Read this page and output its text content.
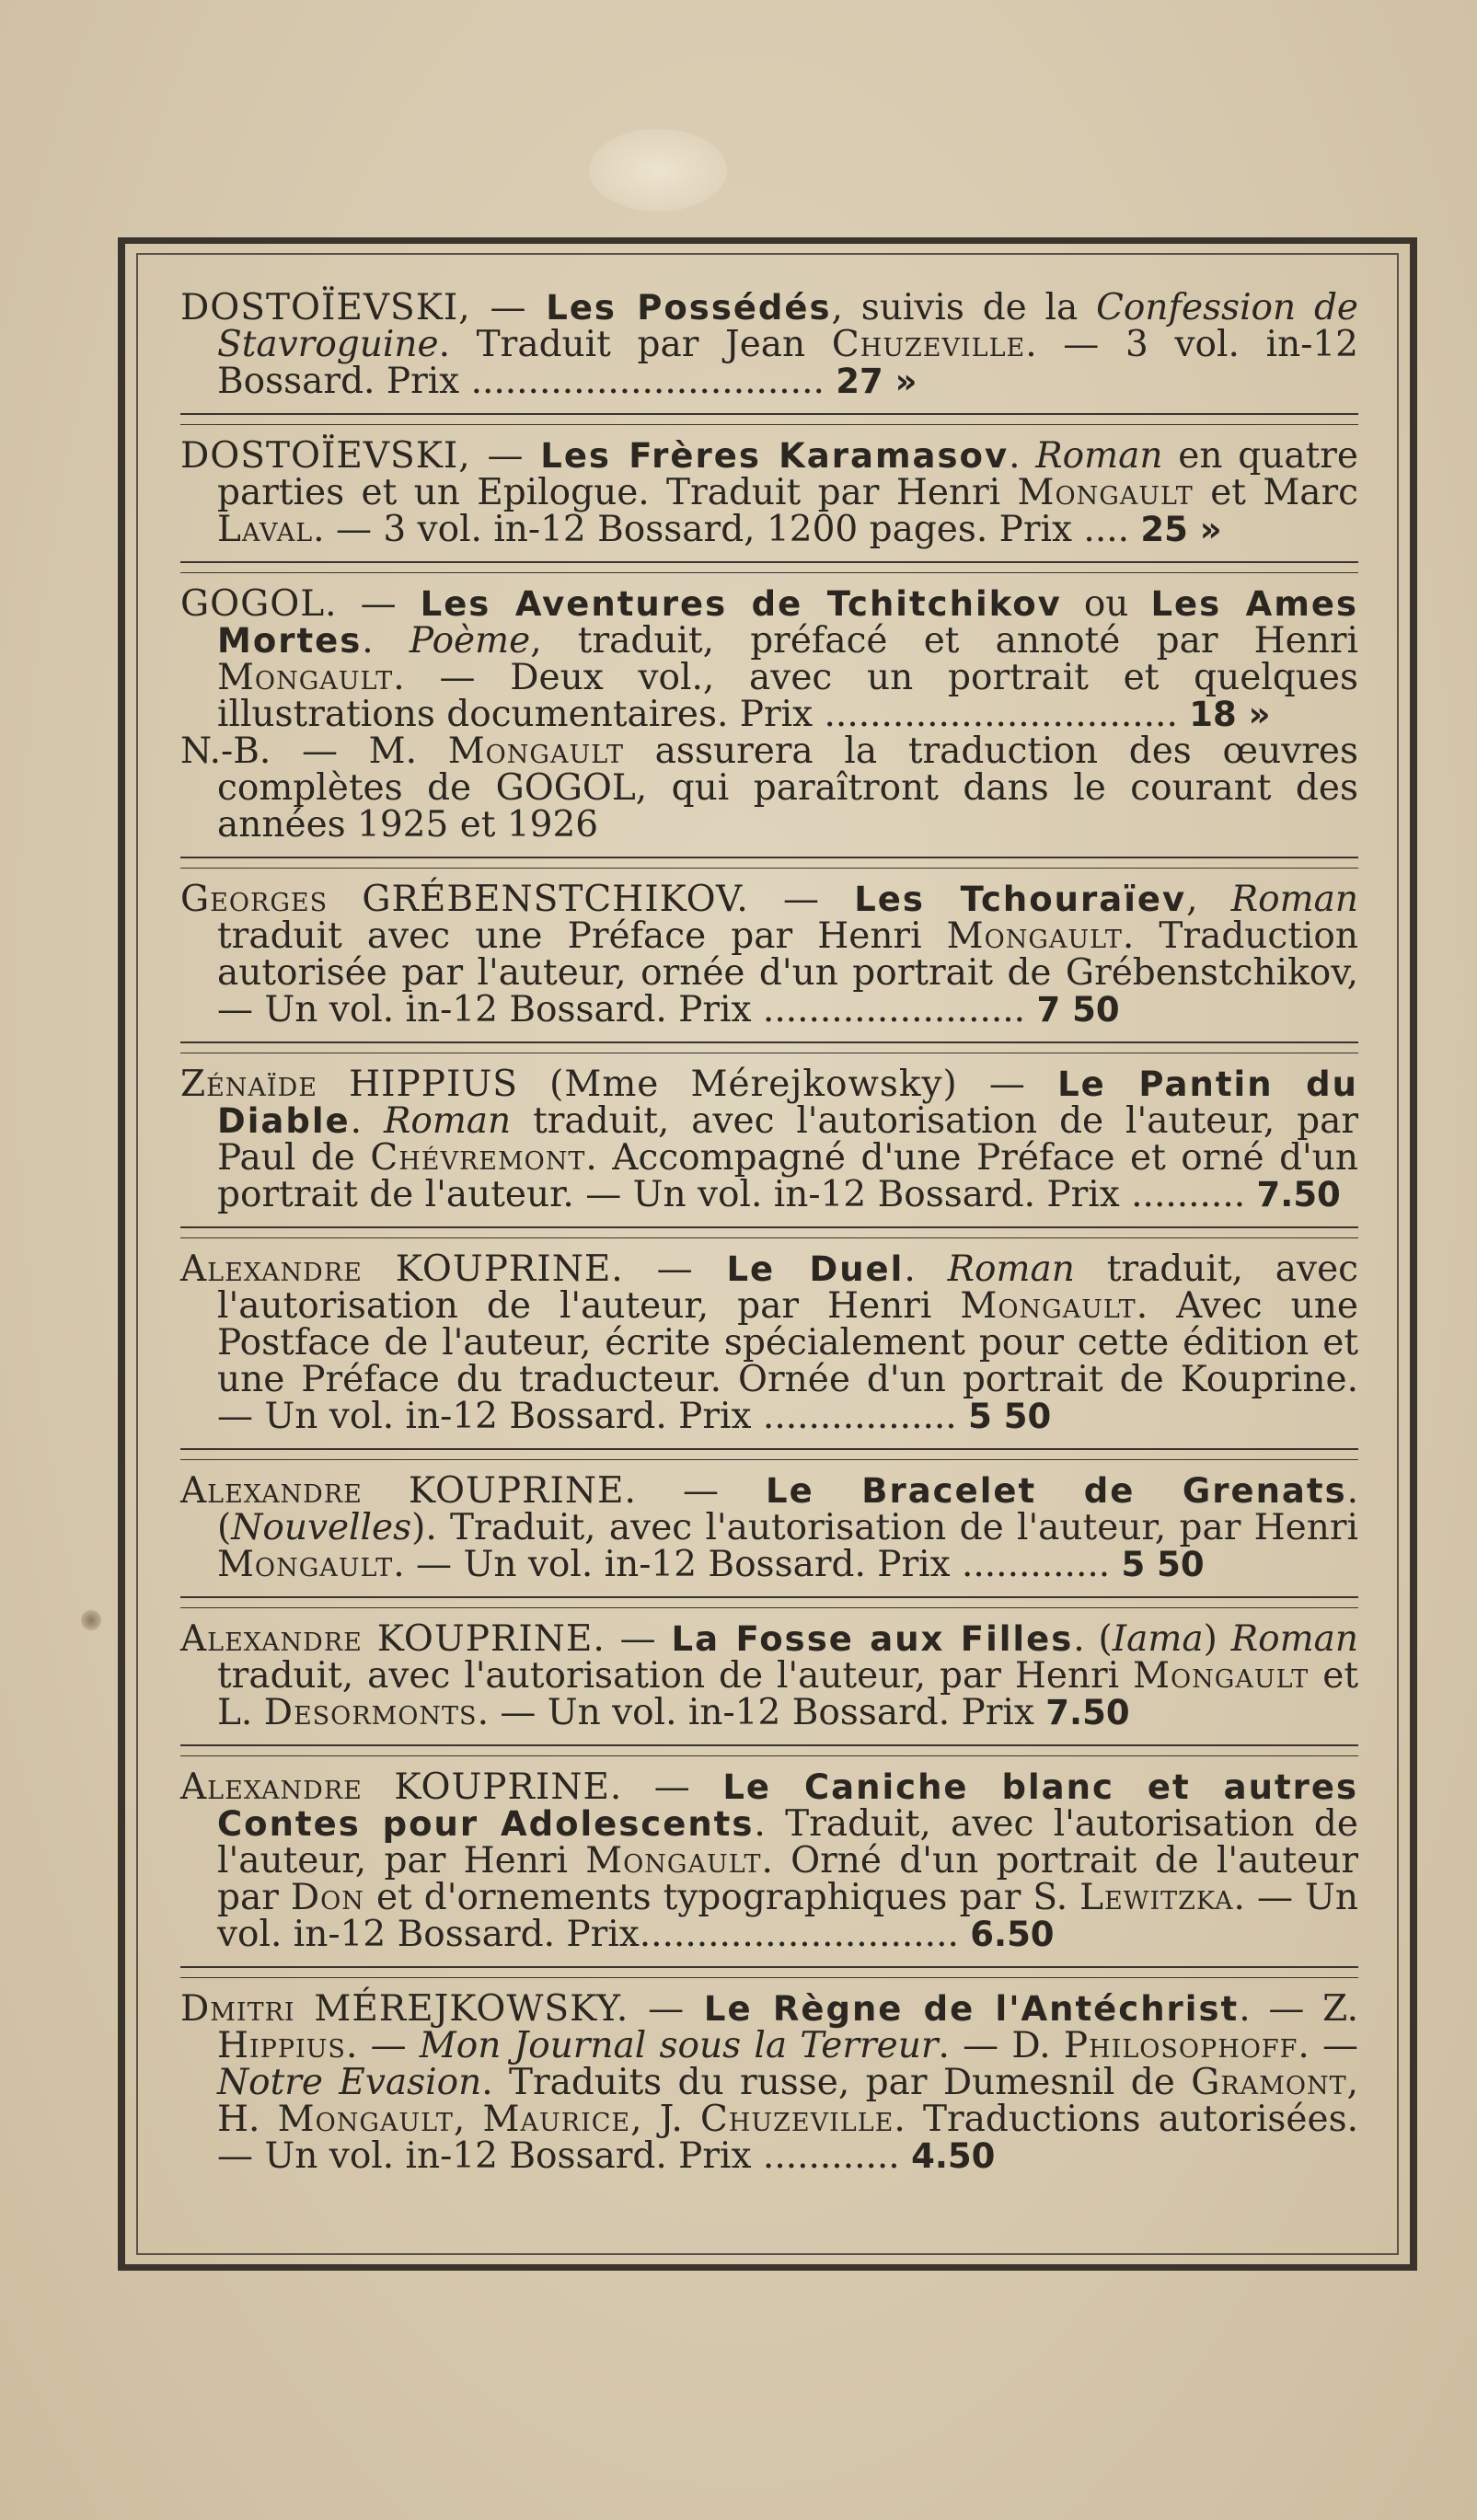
DOSTOÏEVSKI, — Les Possédés, suivis de la Confession de Stavroguine. Traduit par Jean Chuzeville. — 3 vol. in-12 Bossard. Prix ............................... 27 »

DOSTOÏEVSKI, — Les Frères Karamasov. Roman en quatre parties et un Epilogue. Traduit par Henri Mongault et Marc Laval. — 3 vol. in-12 Bossard, 1200 pages. Prix .... 25 »

GOGOL. — Les Aventures de Tchitchikov ou Les Ames Mortes. Poème, traduit, préfacé et annoté par Henri Mongault. — Deux vol., avec un portrait et quelques illustrations documentaires. Prix ............................... 18 »

N.-B. — M. Mongault assurera la traduction des œuvres complètes de GOGOL, qui paraîtront dans le courant des années 1925 et 1926

Georges GRÉBENSTCHIKOV. — Les Tchouraïev, Roman traduit avec une Préface par Henri Mongault. Traduction autorisée par l'auteur, ornée d'un portrait de Grébenstchikov, — Un vol. in-12 Bossard. Prix ....................... 7 50

Zénaïde HIPPIUS (Mme Mérejkowsky) — Le Pantin du Diable. Roman traduit, avec l'autorisation de l'auteur, par Paul de Chévremont. Accompagné d'une Préface et orné d'un portrait de l'auteur. — Un vol. in-12 Bossard. Prix .......... 7.50

Alexandre KOUPRINE. — Le Duel. Roman traduit, avec l'autorisation de l'auteur, par Henri Mongault. Avec une Postface de l'auteur, écrite spécialement pour cette édition et une Préface du traducteur. Ornée d'un portrait de Kouprine. — Un vol. in-12 Bossard. Prix ................. 5 50

Alexandre KOUPRINE. — Le Bracelet de Grenats. (Nouvelles). Traduit, avec l'autorisation de l'auteur, par Henri Mongault. — Un vol. in-12 Bossard. Prix ............. 5 50

Alexandre KOUPRINE. — La Fosse aux Filles. (Iama) Roman traduit, avec l'autorisation de l'auteur, par Henri Mongault et L. Desormonts. — Un vol. in-12 Bossard. Prix 7.50

Alexandre KOUPRINE. — Le Caniche blanc et autres Contes pour Adolescents. Traduit, avec l'autorisation de l'auteur, par Henri Mongault. Orné d'un portrait de l'auteur par Don et d'ornements typographiques par S. Lewitzka. — Un vol. in-12 Bossard. Prix............................ 6.50

Dmitri MÉREJKOWSKY. — Le Règne de l'Antéchrist. — Z. Hippius. — Mon Journal sous la Terreur. — D. Philosophoff. — Notre Evasion. Traduits du russe, par Dumesnil de Gramont, H. Mongault, Maurice, J. Chuzeville. Traductions autorisées. — Un vol. in-12 Bossard. Prix ............ 4.50
